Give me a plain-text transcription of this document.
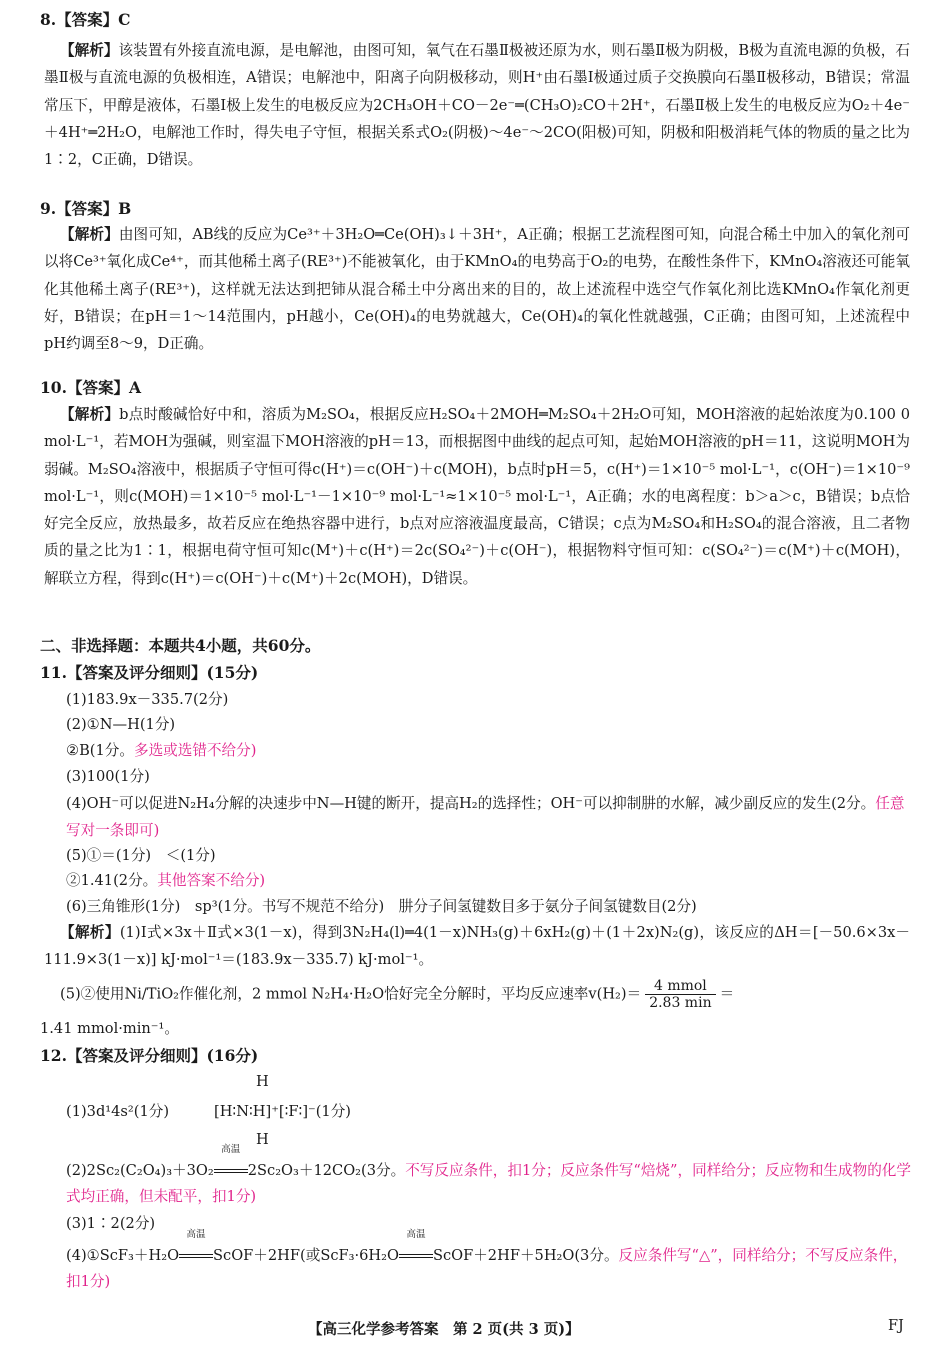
8.【答案】C

【解析】该装置有外接直流电源，是电解池，由图可知，氧气在石墨Ⅱ极被还原为水，则石墨Ⅱ极为阴极，B极为直流电源的负极，石墨Ⅱ极与直流电源的负极相连，A错误；电解池中，阳离子向阴极移动，则H⁺由石墨Ⅰ极通过质子交换膜向石墨Ⅱ极移动，B错误；常温常压下，甲醇是液体，石墨Ⅰ极上发生的电极反应为2CH₃OH＋CO－2e⁻═(CH₃O)₂CO＋2H⁺，石墨Ⅱ极上发生的电极反应为O₂＋4e⁻＋4H⁺═2H₂O，电解池工作时，得失电子守恒，根据关系式O₂(阴极)～4e⁻～2CO(阳极)可知，阴极和阳极消耗气体的物质的量之比为1∶2，C正确，D错误。

9.【答案】B

【解析】由图可知，AB线的反应为Ce³⁺＋3H₂O═Ce(OH)₃↓＋3H⁺，A正确；根据工艺流程图可知，向混合稀土中加入的氧化剂可以将Ce³⁺氧化成Ce⁴⁺，而其他稀土离子(RE³⁺)不能被氧化，由于KMnO₄的电势高于O₂的电势，在酸性条件下，KMnO₄溶液还可能氧化其他稀土离子(RE³⁺)，这样就无法达到把铈从混合稀土中分离出来的目的，故上述流程中选空气作氧化剂比选KMnO₄作氧化剂更好，B错误；在pH＝1～14范围内，pH越小，Ce(OH)₄的电势就越大，Ce(OH)₄的氧化性就越强，C正确；由图可知，上述流程中pH约调至8～9，D正确。

10.【答案】A

【解析】b点时酸碱恰好中和，溶质为M₂SO₄，根据反应H₂SO₄＋2MOH═M₂SO₄＋2H₂O可知，MOH溶液的起始浓度为0.100 0 mol·L⁻¹，若MOH为强碱，则室温下MOH溶液的pH＝13，而根据图中曲线的起点可知，起始MOH溶液的pH＝11，这说明MOH为弱碱。M₂SO₄溶液中，根据质子守恒可得c(H⁺)＝c(OH⁻)＋c(MOH)，b点时pH＝5，c(H⁺)＝1×10⁻⁵ mol·L⁻¹，c(OH⁻)＝1×10⁻⁹ mol·L⁻¹，则c(MOH)＝1×10⁻⁵ mol·L⁻¹－1×10⁻⁹ mol·L⁻¹≈1×10⁻⁵ mol·L⁻¹，A正确；水的电离程度：b＞a＞c，B错误；b点恰好完全反应，放热最多，故若反应在绝热容器中进行，b点对应溶液温度最高，C错误；c点为M₂SO₄和H₂SO₄的混合溶液，且二者物质的量之比为1∶1，根据电荷守恒可知c(M⁺)＋c(H⁺)＝2c(SO₄²⁻)＋c(OH⁻)，根据物料守恒可知：c(SO₄²⁻)＝c(M⁺)＋c(MOH)，解联立方程，得到c(H⁺)＝c(OH⁻)＋c(M⁺)＋2c(MOH)，D错误。

二、非选择题：本题共4小题，共60分。
11.【答案及评分细则】(15分)
(1)183.9x－335.7(2分)
(2)①N—H(1分)
②B(1分。多选或选错不给分)
(3)100(1分)
(4)OH⁻可以促进N₂H₄分解的决速步中N—H键的断开，提高H₂的选择性；OH⁻可以抑制肼的水解，减少副反应的发生(2分。任意写对一条即可)
(5)①＝(1分)　＜(1分)
②1.41(2分。其他答案不给分)
(6)三角锥形(1分)　sp³(1分。书写不规范不给分)　肼分子间氢键数目多于氨分子间氢键数目(2分)

【解析】(1)Ⅰ式×3x＋Ⅱ式×3(1－x)，得到3N₂H₄(l)═4(1－x)NH₃(g)＋6xH₂(g)＋(1＋2x)N₂(g)，该反应的ΔH＝[－50.6×3x－111.9×3(1－x)] kJ·mol⁻¹＝(183.9x－335.7) kJ·mol⁻¹。

(5)②使用Ni/TiO₂作催化剂，2 mmol N₂H₄·H₂O恰好完全分解时，平均反应速率$v(H_2)= \frac{\text{4 mmol}}{2.83 \min}$ ＝
1.41 mmol·min⁻¹。
12.【答案及评分细则】(16分)
(1)3d¹4s²(1分)　
H
[H∶N∶H]⁺[∶F∶]⁻(1分)
H
(2)2Sc₂(C₂O₄)₃＋3O₂
高温
2Sc₂O₃＋12CO₂(3分。不写反应条件，扣1分；反应条件写“焙烧”，同样给分；反应物和生成物的化学式均正确，但未配平，扣1分)
(3)1∶2(2分)
(4)①ScF₃＋H₂O
高温
ScOF＋2HF(或ScF₃·6H₂O
高温
ScOF＋2HF＋5H₂O(3分。反应条件写“△”，同样给分；不写反应条件，扣1分)
【高三化学参考答案　第 2 页(共 3 页)】	FJ
